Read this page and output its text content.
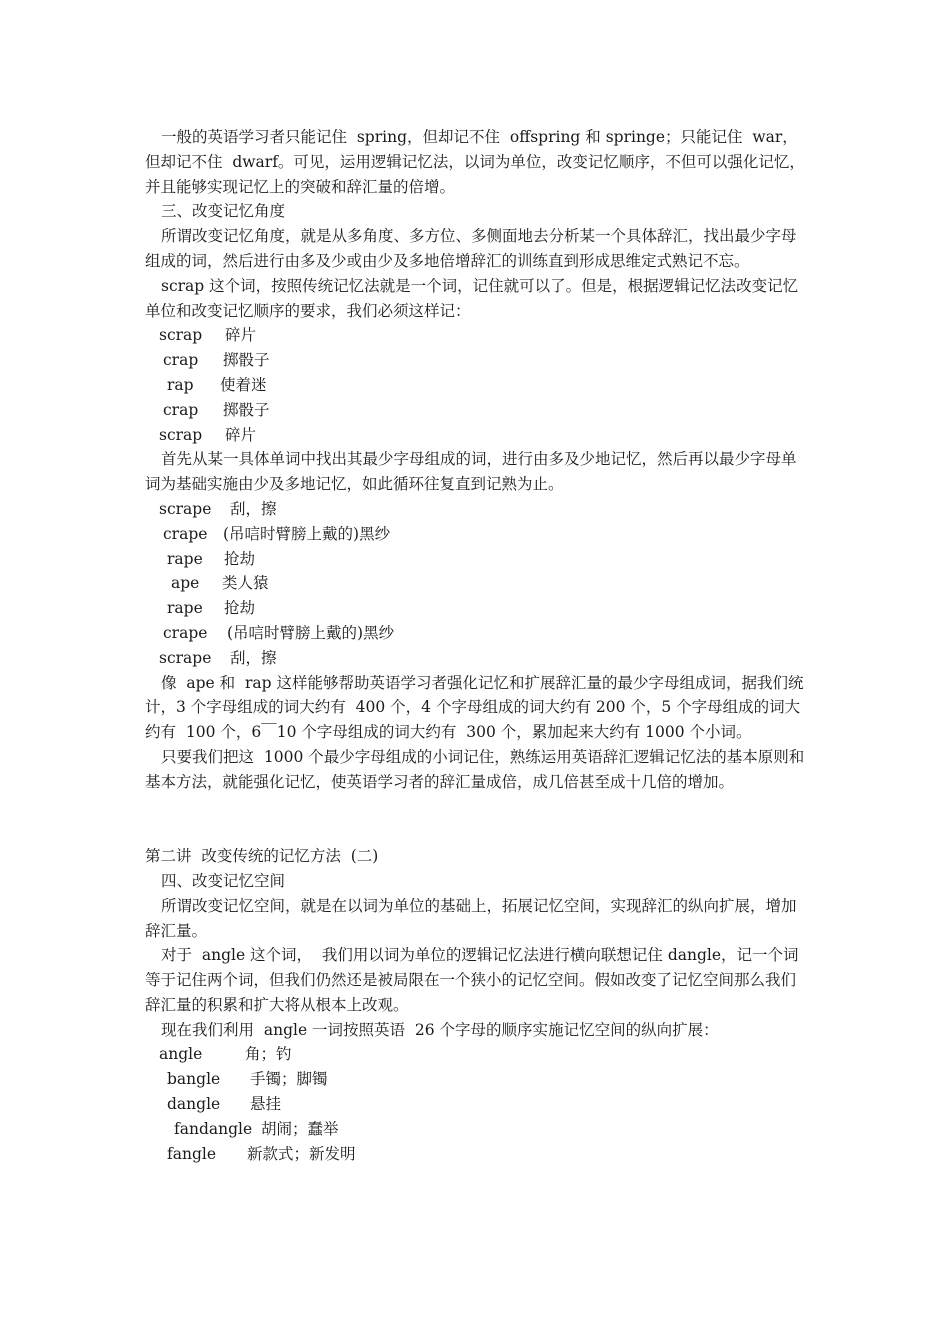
一般的英语学习者只能记住  spring，但却记不住  offspring 和 springe；只能记住  war，但却记不住  dwarf。可见，运用逻辑记忆法，以词为单位，改变记忆顺序，不但可以强化记忆，并且能够实现记忆上的突破和辞汇量的倍增。

三、改变记忆角度

所谓改变记忆角度，就是从多角度、多方位、多侧面地去分析某一个具体辞汇，找出最少字母组成的词，然后进行由多及少或由少及多地倍增辞汇的训练直到形成思维定式熟记不忘。

scrap 这个词，按照传统记忆法就是一个词，记住就可以了。但是，根据逻辑记忆法改变记忆单位和改变记忆顺序的要求，我们必须这样记：

scrap 碎片
crap 掷骰子
rap 使着迷
crap 掷骰子
scrap 碎片

首先从某一具体单词中找出其最少字母组成的词，进行由多及少地记忆，然后再以最少字母单词为基础实施由少及多地记忆，如此循环往复直到记熟为止。

scrape 刮，擦
crape (吊唁时臂膀上戴的)黑纱
rape 抢劫
ape 类人猿
rape 抢劫
crape (吊唁时臂膀上戴的)黑纱
scrape 刮，擦

像  ape 和  rap 这样能够帮助英语学习者强化记忆和扩展辞汇量的最少字母组成词，据我们统计，3 个字母组成的词大约有  400 个，4 个字母组成的词大约有 200 个，5 个字母组成的词大约有  100 个，6￣10 个字母组成的词大约有  300 个，累加起来大约有 1000 个小词。

只要我们把这  1000 个最少字母组成的小词记住，熟练运用英语辞汇逻辑记忆法的基本原则和基本方法，就能强化记忆，使英语学习者的辞汇量成倍，成几倍甚至成十几倍的增加。

第二讲  改变传统的记忆方法  (二)

四、改变记忆空间

所谓改变记忆空间，就是在以词为单位的基础上，拓展记忆空间，实现辞汇的纵向扩展，增加辞汇量。

对于  angle 这个词，  我们用以词为单位的逻辑记忆法进行横向联想记住 dangle，记一个词等于记住两个词，但我们仍然还是被局限在一个狭小的记忆空间。假如改变了记忆空间那么我们辞汇量的积累和扩大将从根本上改观。

现在我们利用  angle 一词按照英语  26 个字母的顺序实施记忆空间的纵向扩展：

angle	角；钓
bangle 手镯；脚镯
dangle 悬挂
fandangle 胡闹；蠢举
fangle 新款式；新发明
